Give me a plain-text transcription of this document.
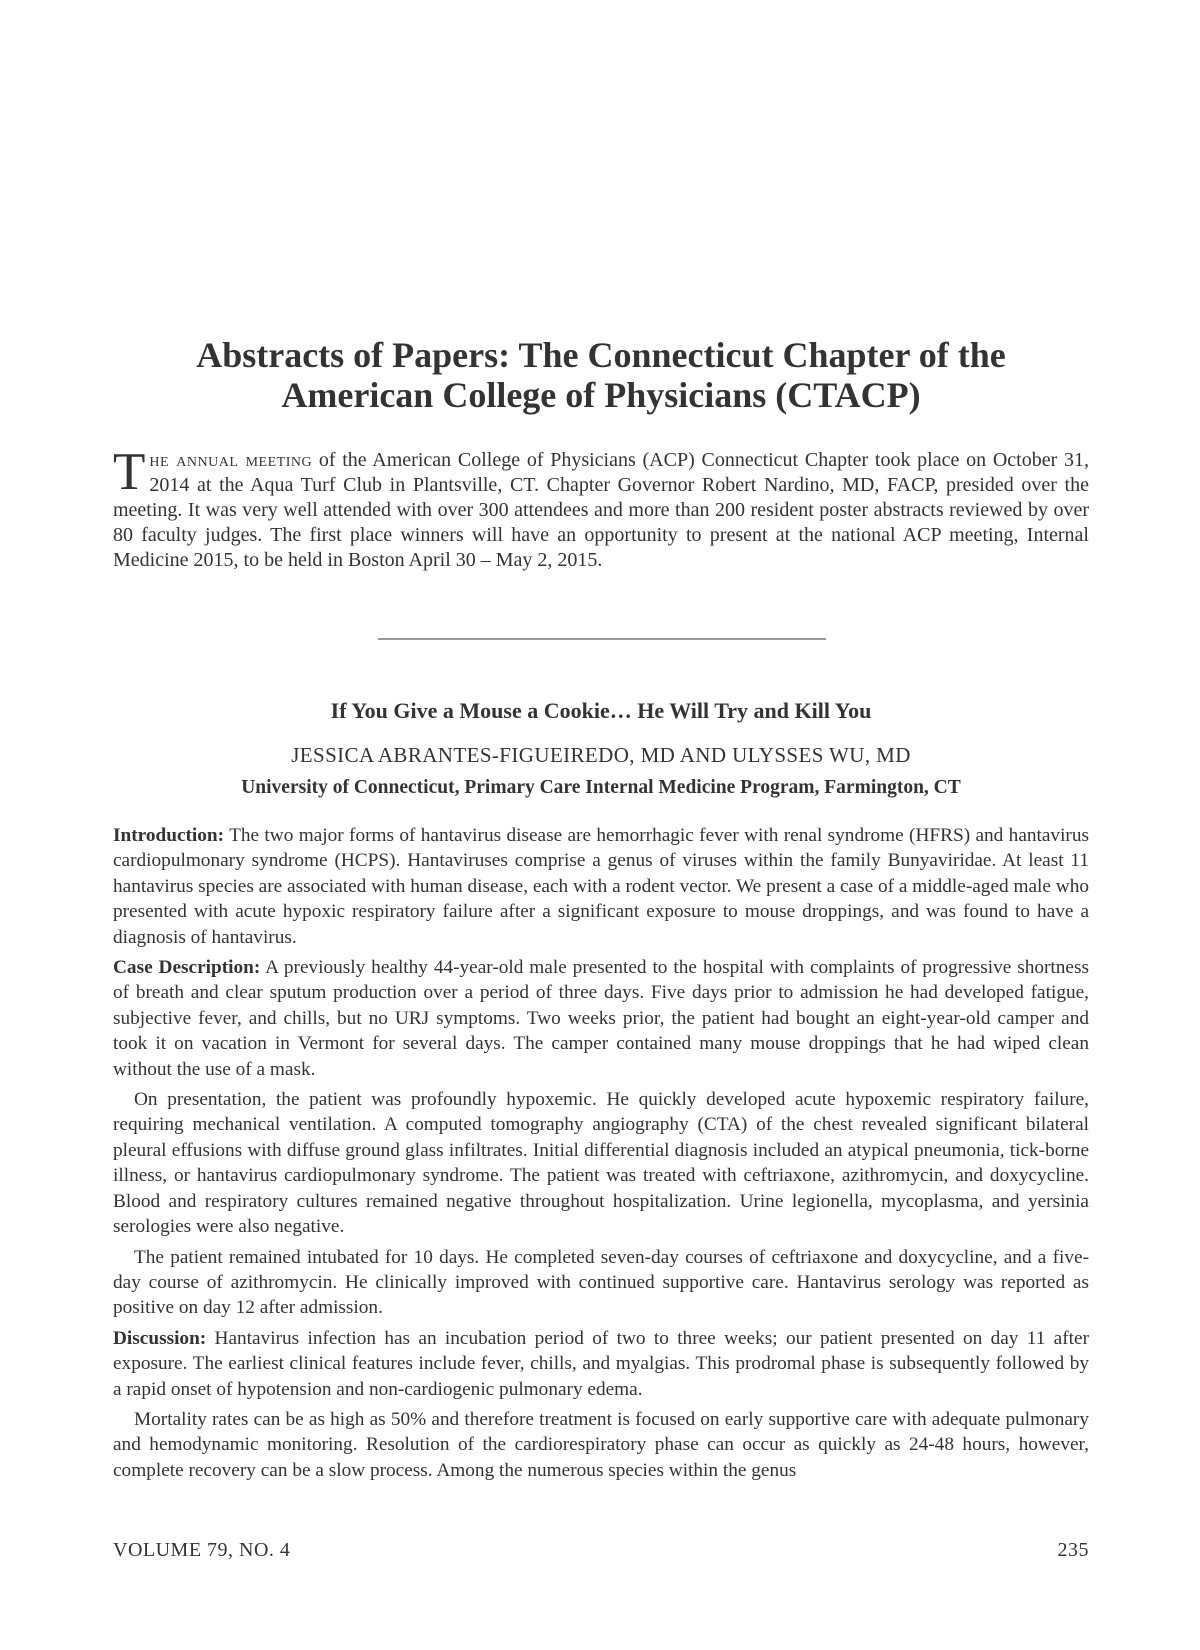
Abstracts of Papers: The Connecticut Chapter of the
American College of Physicians (CTACP)

The annual meeting of the American College of Physicians (ACP) Connecticut Chapter took place on October 31, 2014 at the Aqua Turf Club in Plantsville, CT. Chapter Governor Robert Nardino, MD, FACP, presided over the meeting. It was very well attended with over 300 attendees and more than 200 resident poster abstracts reviewed by over 80 faculty judges. The first place winners will have an opportunity to present at the national ACP meeting, Internal Medicine 2015, to be held in Boston April 30 – May 2, 2015.

If You Give a Mouse a Cookie… He Will Try and Kill You

JESSICA ABRANTES-FIGUEIREDO, MD AND ULYSSES WU, MD

University of Connecticut, Primary Care Internal Medicine Program, Farmington, CT

Introduction: The two major forms of hantavirus disease are hemorrhagic fever with renal syndrome (HFRS) and hantavirus cardiopulmonary syndrome (HCPS). Hantaviruses comprise a genus of viruses within the family Bunyaviridae. At least 11 hantavirus species are associated with human disease, each with a rodent vector. We present a case of a middle-aged male who presented with acute hypoxic respiratory failure after a significant exposure to mouse droppings, and was found to have a diagnosis of hantavirus.

Case Description: A previously healthy 44-year-old male presented to the hospital with complaints of progressive shortness of breath and clear sputum production over a period of three days. Five days prior to admission he had developed fatigue, subjective fever, and chills, but no URJ symptoms. Two weeks prior, the patient had bought an eight-year-old camper and took it on vacation in Vermont for several days. The camper contained many mouse droppings that he had wiped clean without the use of a mask.

On presentation, the patient was profoundly hypoxemic. He quickly developed acute hypoxemic respiratory failure, requiring mechanical ventilation. A computed tomography angiography (CTA) of the chest revealed significant bilateral pleural effusions with diffuse ground glass infiltrates. Initial differential diagnosis included an atypical pneumonia, tick-borne illness, or hantavirus cardiopulmonary syndrome. The patient was treated with ceftriaxone, azithromycin, and doxycycline. Blood and respiratory cultures remained negative throughout hospitalization. Urine legionella, mycoplasma, and yersinia serologies were also negative.

The patient remained intubated for 10 days. He completed seven-day courses of ceftriaxone and doxycycline, and a five-day course of azithromycin. He clinically improved with continued supportive care. Hantavirus serology was reported as positive on day 12 after admission.

Discussion: Hantavirus infection has an incubation period of two to three weeks; our patient presented on day 11 after exposure. The earliest clinical features include fever, chills, and myalgias. This prodromal phase is subsequently followed by a rapid onset of hypotension and non-cardiogenic pulmonary edema.

Mortality rates can be as high as 50% and therefore treatment is focused on early supportive care with adequate pulmonary and hemodynamic monitoring. Resolution of the cardiorespiratory phase can occur as quickly as 24-48 hours, however, complete recovery can be a slow process. Among the numerous species within the genus

VOLUME 79, NO. 4	235
